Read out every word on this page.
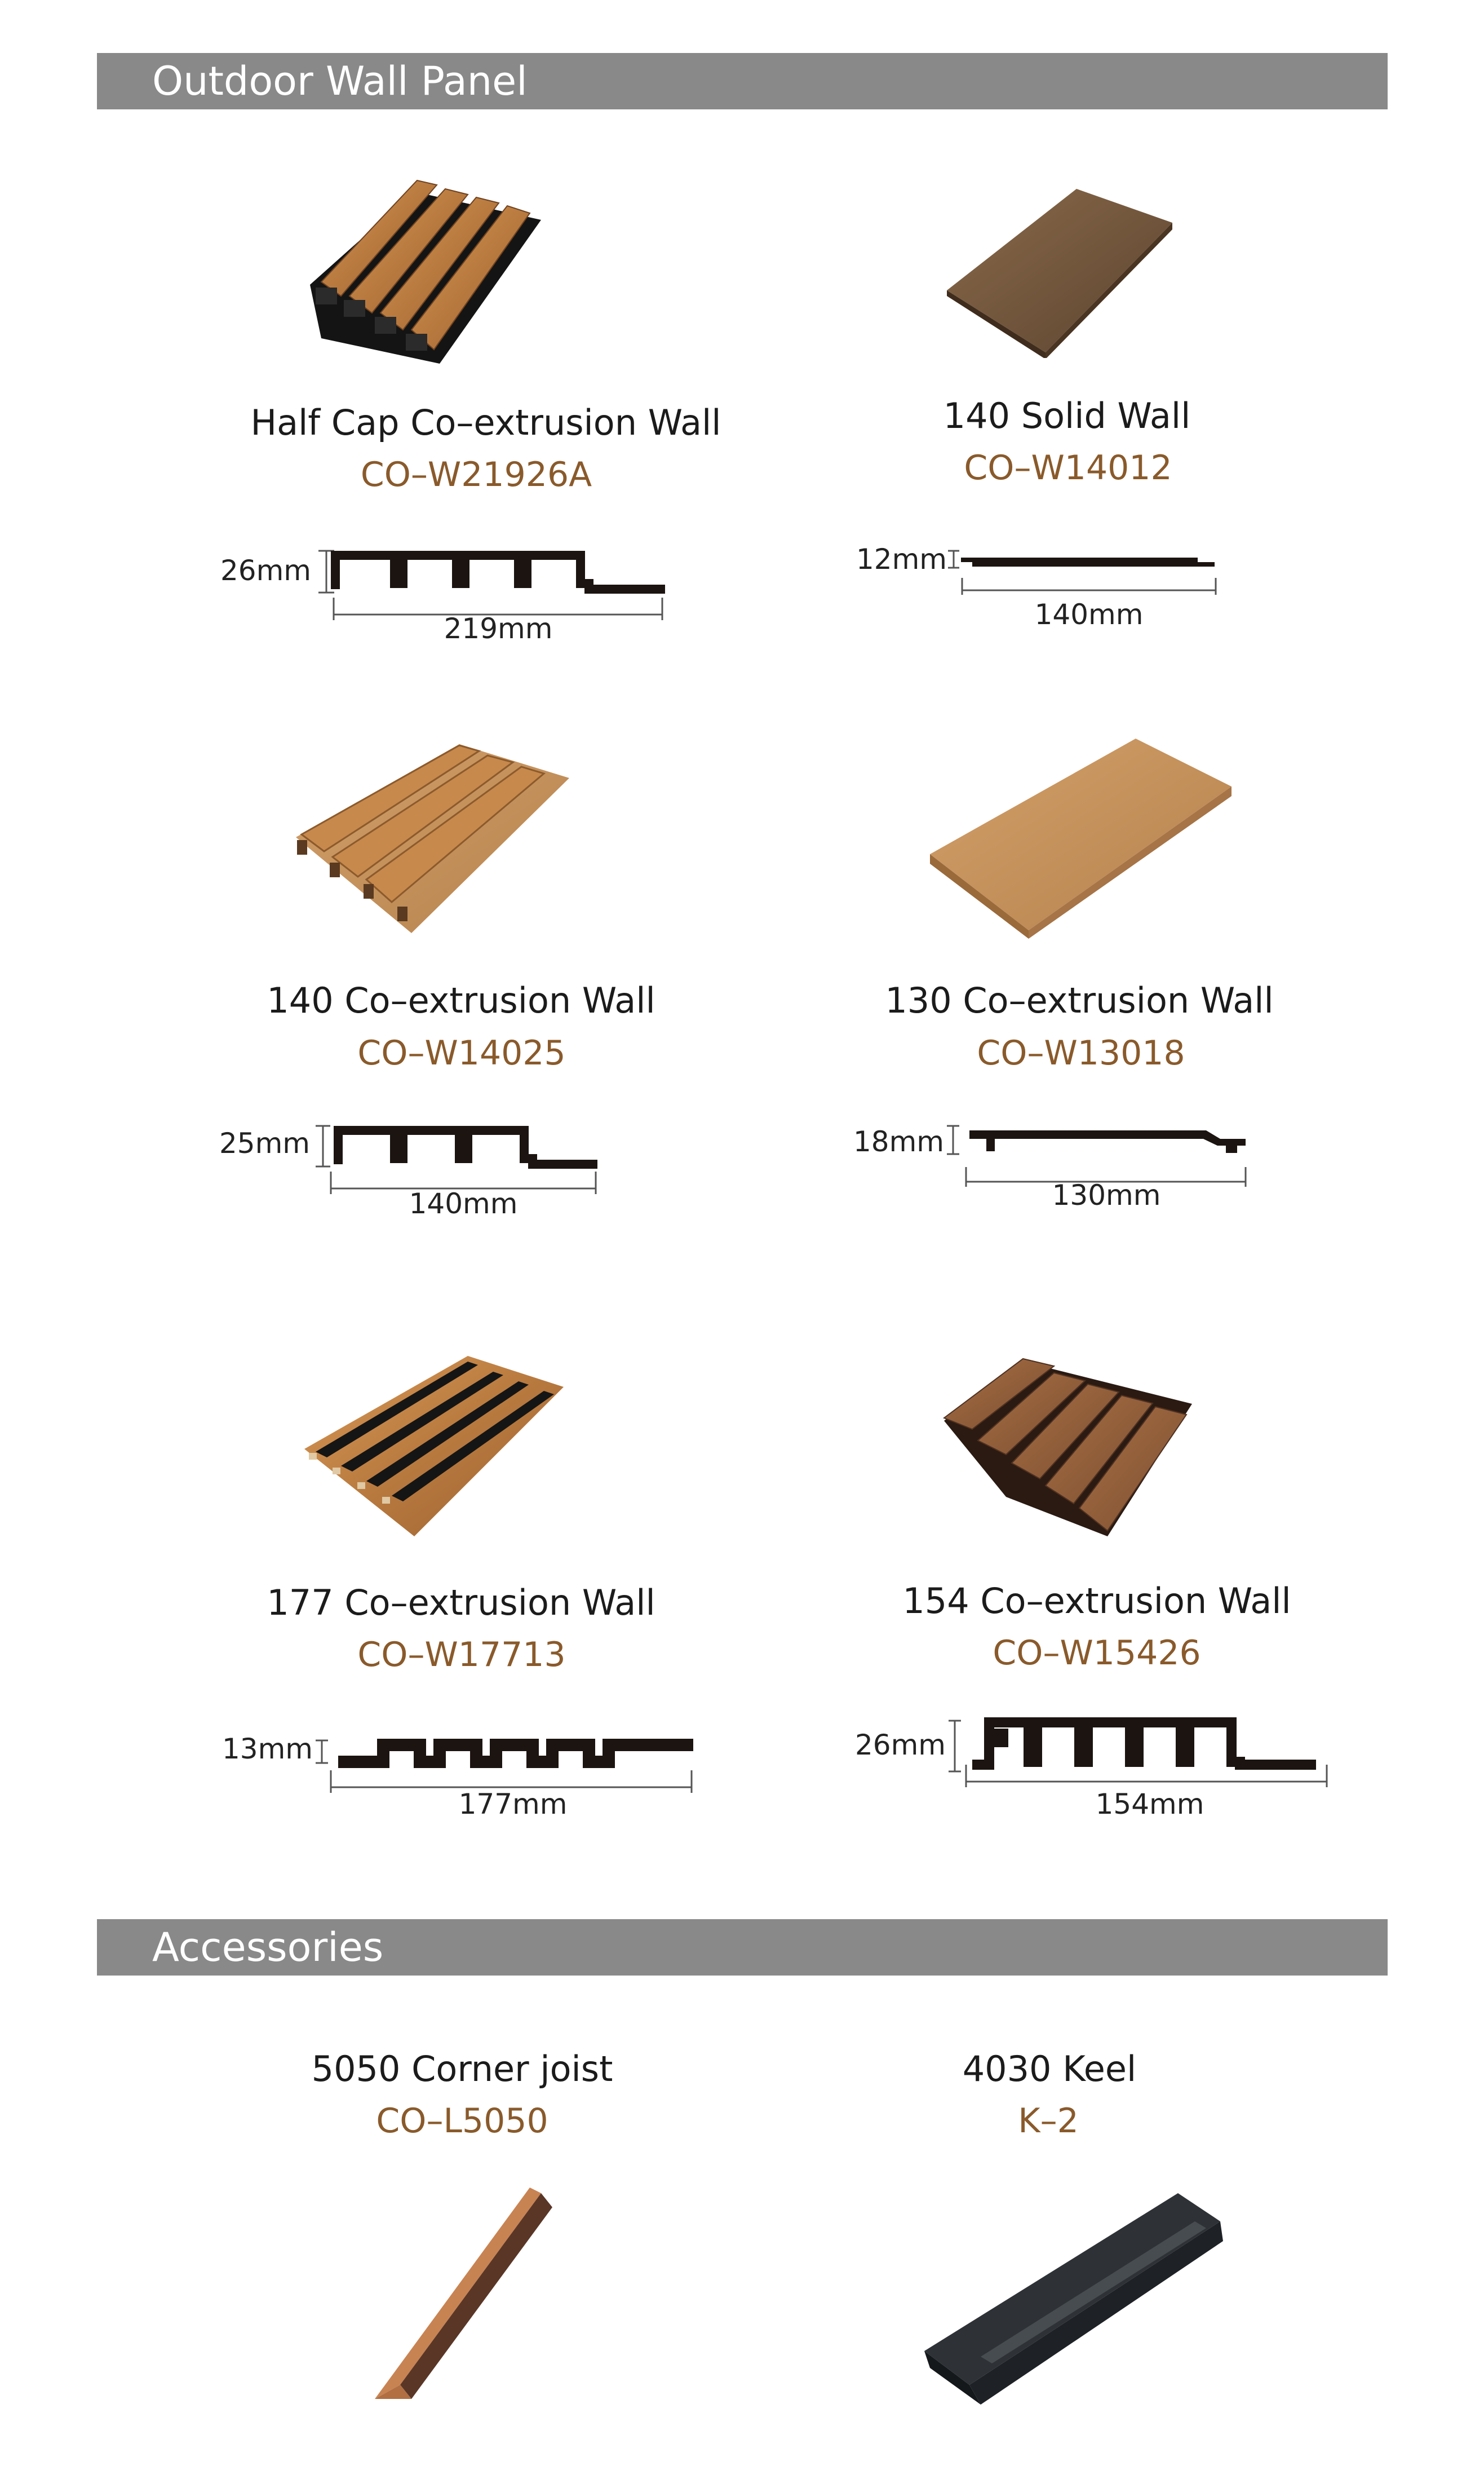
Outdoor Wall Panel
Accessories
Half Cap Co–extrusion Wall
CO–W21926A
26mm
219mm
140 Solid Wall
CO–W14012
12mm
140mm
140 Co–extrusion Wall
CO–W14025
25mm
140mm
130 Co–extrusion Wall
CO–W13018
18mm
130mm
177 Co–extrusion Wall
CO–W17713
13mm
177mm
154 Co–extrusion Wall
CO–W15426
26mm
154mm
5050 Corner joist
CO–L5050
4030 Keel
K–2
